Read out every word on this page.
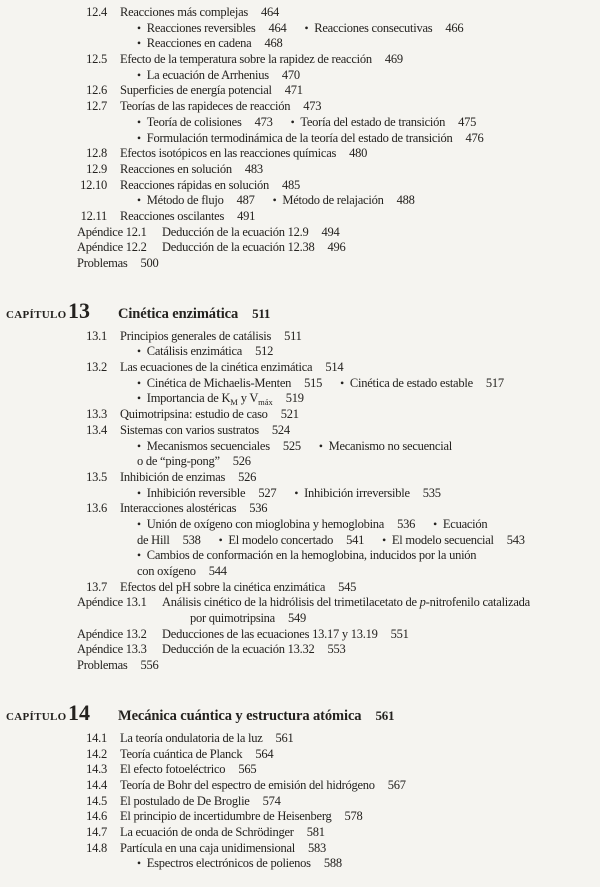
12.4 Reacciones más complejas 464
• Reacciones reversibles 464 • Reacciones consecutivas 466
• Reacciones en cadena 468
12.5 Efecto de la temperatura sobre la rapidez de reacción 469
• La ecuación de Arrhenius 470
12.6 Superficies de energía potencial 471
12.7 Teorías de las rapideces de reacción 473
• Teoría de colisiones 473 • Teoría del estado de transición 475
• Formulación termodinámica de la teoría del estado de transición 476
12.8 Efectos isotópicos en las reacciones químicas 480
12.9 Reacciones en solución 483
12.10 Reacciones rápidas en solución 485
• Método de flujo 487 • Método de relajación 488
12.11 Reacciones oscilantes 491
Apéndice 12.1	Deducción de la ecuación 12.9 494
Apéndice 12.2	Deducción de la ecuación 12.38 496
Problemas 500
CAPÍTULO 13	Cinética enzimática 511
13.1 Principios generales de catálisis 511
• Catálisis enzimática 512
13.2 Las ecuaciones de la cinética enzimática 514
• Cinética de Michaelis-Menten 515 • Cinética de estado estable 517
• Importancia de $K_M$ y $V_{máx}$ 519
13.3 Quimotripsina: estudio de caso 521
13.4 Sistemas con varios sustratos 524
• Mecanismos secuenciales 525 • Mecanismo no secuencial
o de “ping-pong” 526
13.5 Inhibición de enzimas 526
• Inhibición reversible 527 • Inhibición irreversible 535
13.6 Interacciones alostéricas 536
• Unión de oxígeno con mioglobina y hemoglobina 536 • Ecuación
de Hill 538 • El modelo concertado 541 • El modelo secuencial 543
• Cambios de conformación en la hemoglobina, inducidos por la unión
con oxígeno 544
13.7 Efectos del pH sobre la cinética enzimática 545
Apéndice 13.1	Análisis cinético de la hidrólisis del trimetilacetato de p-nitrofenilo catalizada
por quimotripsina 549
Apéndice 13.2	Deducciones de las ecuaciones 13.17 y 13.19 551
Apéndice 13.3	Deducción de la ecuación 13.32 553
Problemas 556
CAPÍTULO 14	Mecánica cuántica y estructura atómica 561
14.1 La teoría ondulatoria de la luz 561
14.2 Teoría cuántica de Planck 564
14.3 El efecto fotoeléctrico 565
14.4 Teoría de Bohr del espectro de emisión del hidrógeno 567
14.5 El postulado de De Broglie 574
14.6 El principio de incertidumbre de Heisenberg 578
14.7 La ecuación de onda de Schrödinger 581
14.8 Partícula en una caja unidimensional 583
• Espectros electrónicos de polienos 588
